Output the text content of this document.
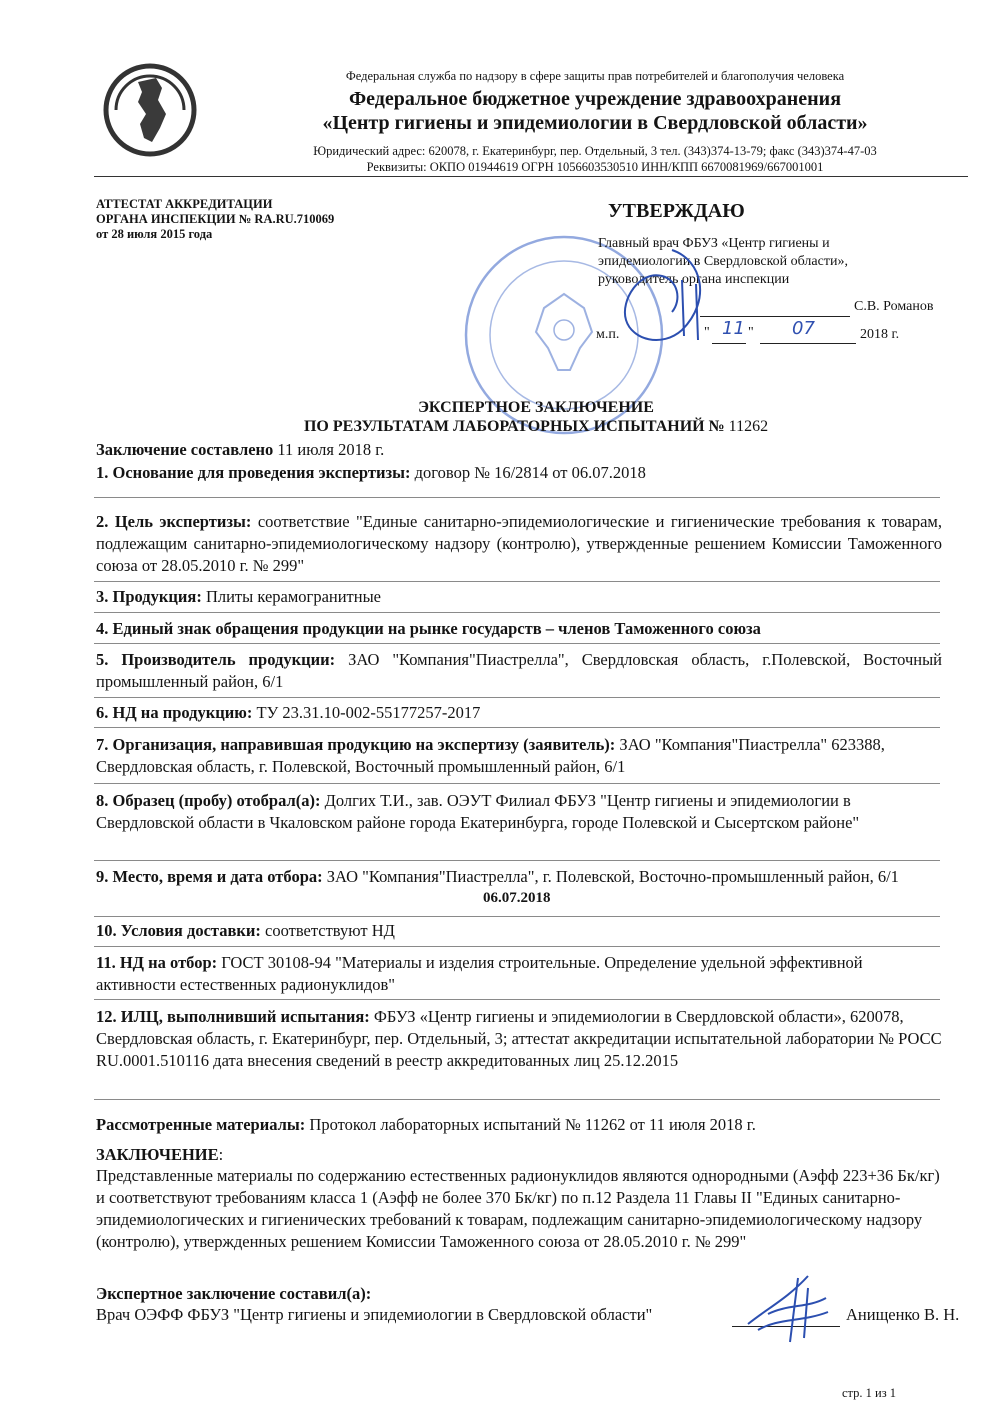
Федеральная служба по надзору в сфере защиты прав потребителей и благополучия человека
Федеральное бюджетное учреждение здравоохранения
«Центр гигиены и эпидемиологии в Свердловской области»
Юридический адрес: 620078, г. Екатеринбург, пер. Отдельный, 3 тел. (343)374-13-79; факс (343)374-47-03
Реквизиты: ОКПО 01944619 ОГРН 1056603530510 ИНН/КПП 6670081969/667001001
АТТЕСТАТ АККРЕДИТАЦИИ
ОРГАНА ИНСПЕКЦИИ № RA.RU.710069
от 28 июля 2015 года
УТВЕРЖДАЮ
Главный врач ФБУЗ «Центр гигиены и
эпидемиологии в Свердловской области»,
руководитель органа инспекции
С.В. Романов
м.п.	" 11 " 07	2018 г.
ЭКСПЕРТНОЕ ЗАКЛЮЧЕНИЕ
ПО РЕЗУЛЬТАТАМ ЛАБОРАТОРНЫХ ИСПЫТАНИЙ № 11262
Заключение составлено 11 июля 2018 г.
1. Основание для проведения экспертизы: договор № 16/2814 от 06.07.2018
2. Цель экспертизы: соответствие "Единые санитарно-эпидемиологические и гигиенические требования к товарам, подлежащим санитарно-эпидемиологическому надзору (контролю), утвержденные решением Комиссии Таможенного союза от 28.05.2010 г. № 299"
3. Продукция: Плиты керамогранитные
4. Единый знак обращения продукции на рынке государств – членов Таможенного союза
5. Производитель продукции: ЗАО "Компания"Пиастрелла", Свердловская область, г.Полевской, Восточный промышленный район, 6/1
6. НД на продукцию: ТУ 23.31.10-002-55177257-2017
7. Организация, направившая продукцию на экспертизу (заявитель): ЗАО "Компания"Пиастрелла" 623388, Свердловская область, г. Полевской, Восточный промышленный район, 6/1
8. Образец (пробу) отобрал(а): Долгих Т.И., зав. ОЭУТ Филиал ФБУЗ "Центр гигиены и эпидемиологии в Свердловской области в Чкаловском районе города Екатеринбурга, городе Полевской и Сысертском районе"
9. Место, время и дата отбора: ЗАО "Компания"Пиастрелла", г. Полевской, Восточно-промышленный район, 6/1
06.07.2018
10. Условия доставки: соответствуют НД
11. НД на отбор: ГОСТ 30108-94 "Материалы и изделия строительные. Определение удельной эффективной активности естественных радионуклидов"
12. ИЛЦ, выполнивший испытания: ФБУЗ «Центр гигиены и эпидемиологии в Свердловской области», 620078, Свердловская область, г. Екатеринбург, пер. Отдельный, 3; аттестат аккредитации испытательной лаборатории № РОСС RU.0001.510116 дата внесения сведений в реестр аккредитованных лиц 25.12.2015
Рассмотренные материалы: Протокол лабораторных испытаний № 11262 от 11 июля 2018 г.
ЗАКЛЮЧЕНИЕ:
Представленные материалы по содержанию естественных радионуклидов являются однородными (Аэфф 223+36 Бк/кг) и соответствуют требованиям класса 1 (Аэфф не более 370 Бк/кг) по п.12 Раздела 11 Главы II "Единых санитарно-эпидемиологических и гигиенических требований к товарам, подлежащим санитарно-эпидемиологическому надзору (контролю), утвержденных решением Комиссии Таможенного союза от 28.05.2010 г. № 299"
Экспертное заключение составил(а):
Врач ОЭФФ ФБУЗ "Центр гигиены и эпидемиологии в Свердловской области"	Анищенко В. Н.
стр. 1 из 1
